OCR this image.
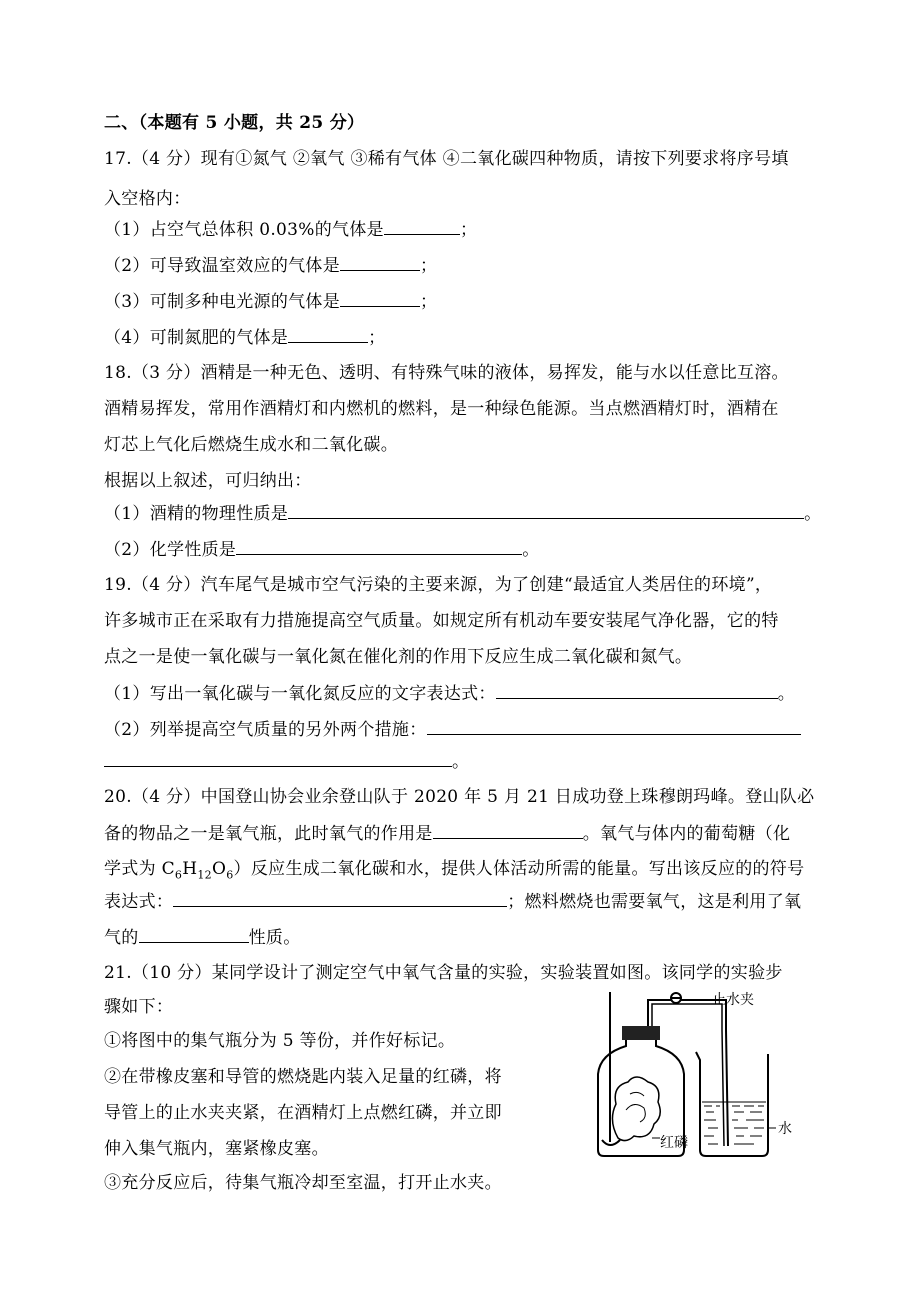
二、（本题有 5 小题，共 25 分）
17.（4 分）现有①氮气 ②氧气 ③稀有气体 ④二氧化碳四种物质，请按下列要求将序号填
入空格内：
（1）占空气总体积 0.03%的气体是	；
（2）可导致温室效应的气体是	；
（3）可制多种电光源的气体是	；
（4）可制氮肥的气体是	；
18.（3 分）酒精是一种无色、透明、有特殊气味的液体，易挥发，能与水以任意比互溶。
酒精易挥发，常用作酒精灯和内燃机的燃料，是一种绿色能源。当点燃酒精灯时，酒精在
灯芯上气化后燃烧生成水和二氧化碳。
根据以上叙述，可归纳出：
（1）酒精的物理性质是	。
（2）化学性质是	。
19.（4 分）汽车尾气是城市空气污染的主要来源，为了创建“最适宜人类居住的环境”，
许多城市正在采取有力措施提高空气质量。如规定所有机动车要安装尾气净化器，它的特
点之一是使一氧化碳与一氧化氮在催化剂的作用下反应生成二氧化碳和氮气。
（1）写出一氧化碳与一氧化氮反应的文字表达式：	。
（2）列举提高空气质量的另外两个措施：
。
20.（4 分）中国登山协会业余登山队于 2020 年 5 月 21 日成功登上珠穆朗玛峰。登山队必
备的物品之一是氧气瓶，此时氧气的作用是	。氧气与体内的葡萄糖（化
学式为 $C_6H_{12}O_6$）反应生成二氧化碳和水，提供人体活动所需的能量。写出该反应的的符号
表达式：	；燃料燃烧也需要氧气，这是利用了氧
气的	性质。
21.（10 分）某同学设计了测定空气中氧气含量的实验，实验装置如图。该同学的实验步
骤如下：
①将图中的集气瓶分为 5 等份，并作好标记。
②在带橡皮塞和导管的燃烧匙内装入足量的红磷，将
导管上的止水夹夹紧，在酒精灯上点燃红磷，并立即
伸入集气瓶内，塞紧橡皮塞。
③充分反应后，待集气瓶冷却至室温，打开止水夹。
止水夹
水
红磷
